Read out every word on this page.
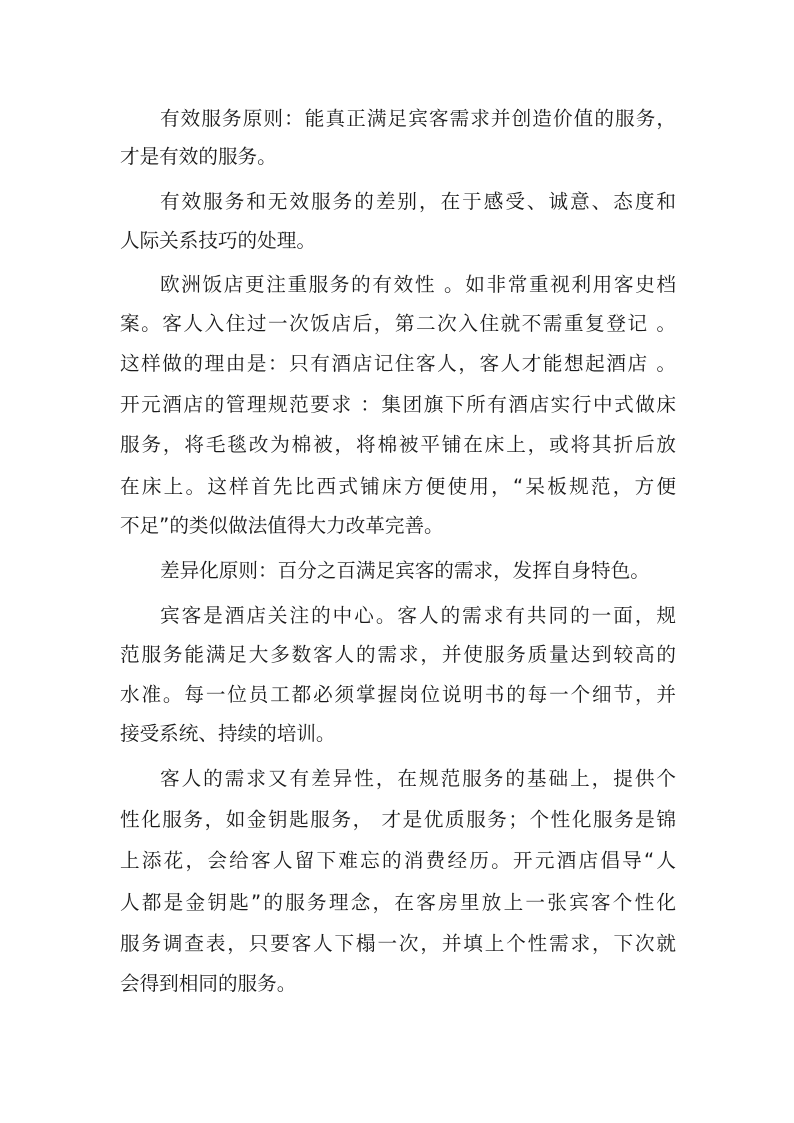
有效服务原则：能真正满足宾客需求并创造价值的服务，
才是有效的服务。
有效服务和无效服务的差别，在于感受、诚意、态度和
人际关系技巧的处理。
欧洲饭店更注重服务的有效性 。如非常重视利用客史档
案。客人入住过一次饭店后，第二次入住就不需重复登记 。
这样做的理由是：只有酒店记住客人，客人才能想起酒店 。
开元酒店的管理规范要求 ：集团旗下所有酒店实行中式做床
服务，将毛毯改为棉被，将棉被平铺在床上，或将其折后放
在床上。这样首先比西式铺床方便使用，“呆板规范，方便
不足”的类似做法值得大力改革完善。
差异化原则：百分之百满足宾客的需求，发挥自身特色。
宾客是酒店关注的中心。客人的需求有共同的一面，规
范服务能满足大多数客人的需求，并使服务质量达到较高的
水准。每一位员工都必须掌握岗位说明书的每一个细节，并
接受系统、持续的培训。
客人的需求又有差异性，在规范服务的基础上，提供个
性化服务，如金钥匙服务， 才是优质服务；个性化服务是锦
上添花，会给客人留下难忘的消费经历。开元酒店倡导“人
人都是金钥匙”的服务理念，在客房里放上一张宾客个性化
服务调查表，只要客人下榻一次，并填上个性需求，下次就
会得到相同的服务。
